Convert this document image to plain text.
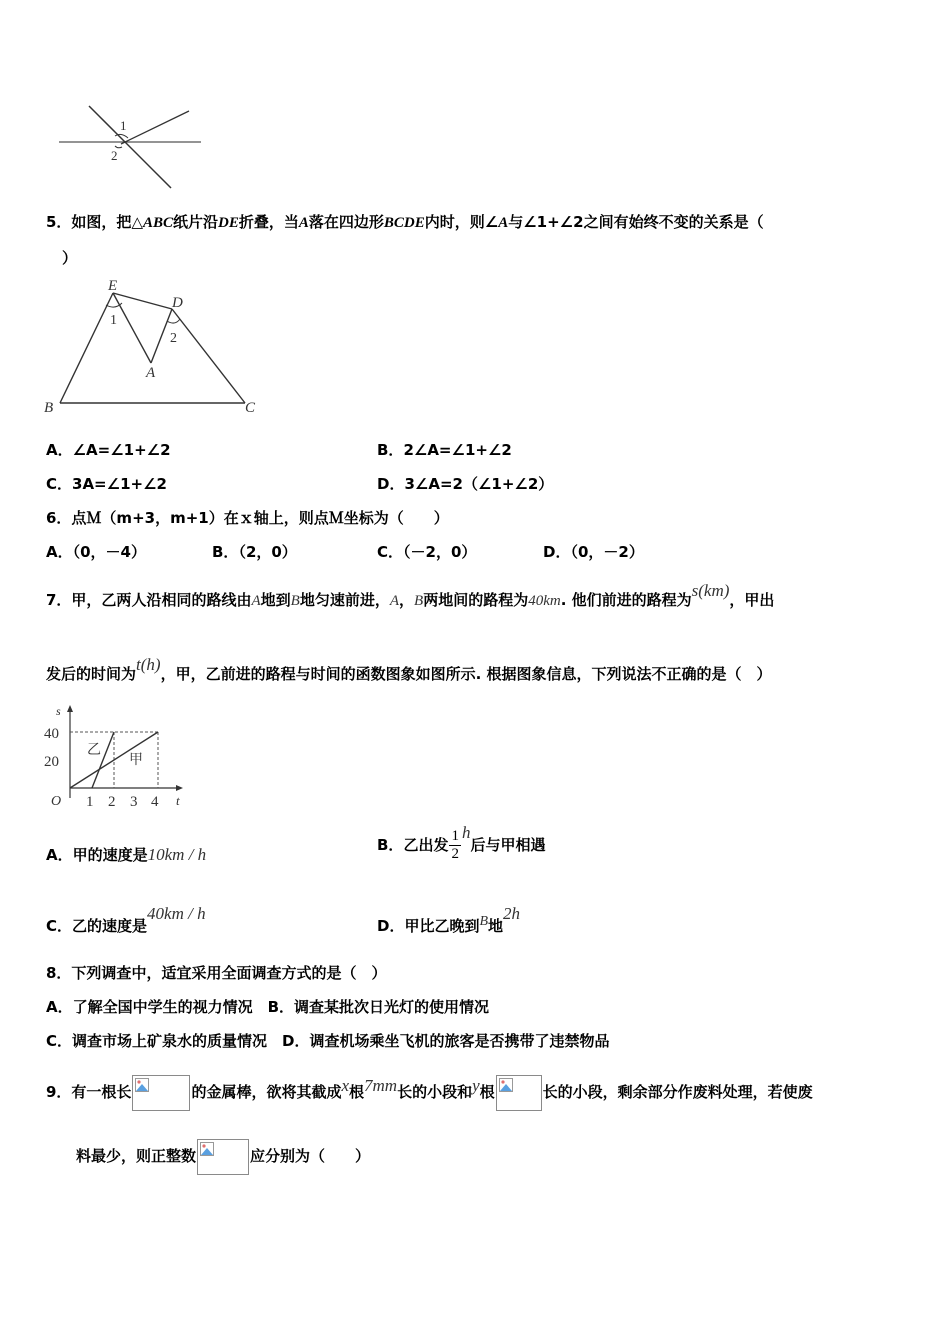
1
2
5．如图，把△ABC纸片沿DE折叠，当A落在四边形BCDE内时，则∠A与∠1+∠2之间有始终不变的关系是（
）
E
D
A
B	C
1
2
A．∠A=∠1+∠2	B．2∠A=∠1+∠2
C．3A=∠1+∠2	D．3∠A=2（∠1+∠2）
6．点Ｍ（m+3，m+1）在ｘ轴上，则点Ｍ坐标为（　　）
A．（0，－4）	B．（2，0）	C．（－2，0）	D．（0，－2）
7．甲，乙两人沿相同的路线由A地到B地匀速前进，A，B两地间的路程为40km. 他们前进的路程为s(km)，甲出
发后的时间为t(h)，甲，乙前进的路程与时间的函数图象如图所示. 根据图象信息，下列说法不正确的是（　）
s
t
O
40
20
1 2 3 4
乙
甲
A．甲的速度是10km / h	B．乙出发 $\frac{1}{2}$ h后与甲相遇
C．乙的速度是40km / h
D．甲比乙晚到B地2h
8．下列调查中，适宜采用全面调查方式的是（　）
A．了解全国中学生的视力情况　B．调查某批次日光灯的使用情况
C．调查市场上矿泉水的质量情况　D．调查机场乘坐飞机的旅客是否携带了违禁物品
9．有一根长	的金属棒，欲将其截成x根7mm长的小段和y根	长的小段，剩余部分作废料处理，若使废
料最少，则正整数	应分别为（　　）
